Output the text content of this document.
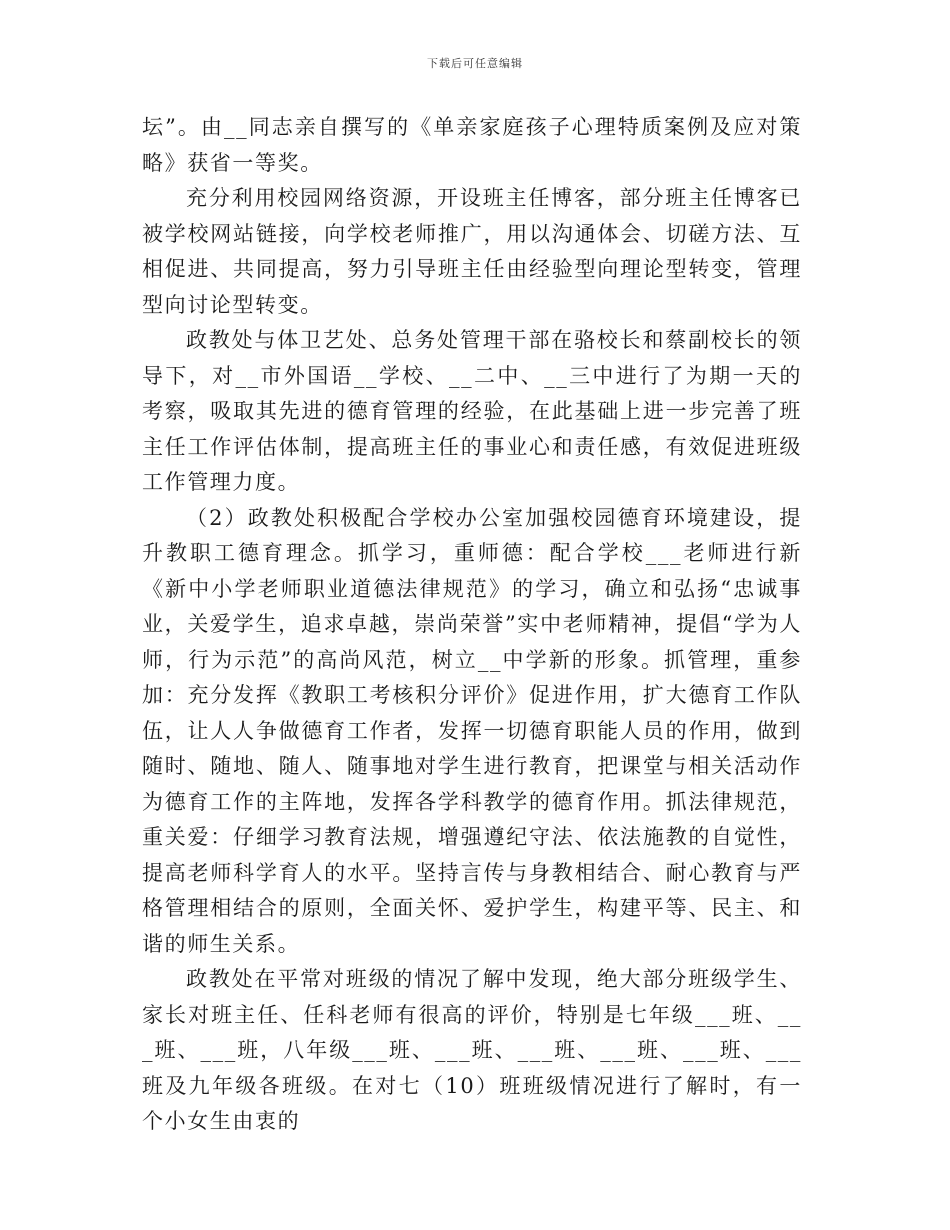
下载后可任意编辑

坛”。由__同志亲自撰写的《单亲家庭孩子心理特质案例及应对策略》获省一等奖。

充分利用校园网络资源，开设班主任博客，部分班主任博客已被学校网站链接，向学校老师推广，用以沟通体会、切磋方法、互相促进、共同提高，努力引导班主任由经验型向理论型转变，管理型向讨论型转变。

政教处与体卫艺处、总务处管理干部在骆校长和蔡副校长的领导下，对__市外国语__学校、__二中、__三中进行了为期一天的考察，吸取其先进的德育管理的经验，在此基础上进一步完善了班主任工作评估体制，提高班主任的事业心和责任感，有效促进班级工作管理力度。

（2）政教处积极配合学校办公室加强校园德育环境建设，提升教职工德育理念。抓学习，重师德：配合学校___老师进行新《新中小学老师职业道德法律规范》的学习，确立和弘扬“忠诚事业，关爱学生，追求卓越，崇尚荣誉”实中老师精神，提倡“学为人师，行为示范”的高尚风范，树立__中学新的形象。抓管理，重参加：充分发挥《教职工考核积分评价》促进作用，扩大德育工作队伍，让人人争做德育工作者，发挥一切德育职能人员的作用，做到随时、随地、随人、随事地对学生进行教育，把课堂与相关活动作为德育工作的主阵地，发挥各学科教学的德育作用。抓法律规范，重关爱：仔细学习教育法规，增强遵纪守法、依法施教的自觉性，提高老师科学育人的水平。坚持言传与身教相结合、耐心教育与严格管理相结合的原则，全面关怀、爱护学生，构建平等、民主、和谐的师生关系。

政教处在平常对班级的情况了解中发现，绝大部分班级学生、家长对班主任、任科老师有很高的评价，特别是七年级___班、___班、___班，八年级___班、___班、___班、___班、___班、___班及九年级各班级。在对七（10）班班级情况进行了解时，有一个小女生由衷的
